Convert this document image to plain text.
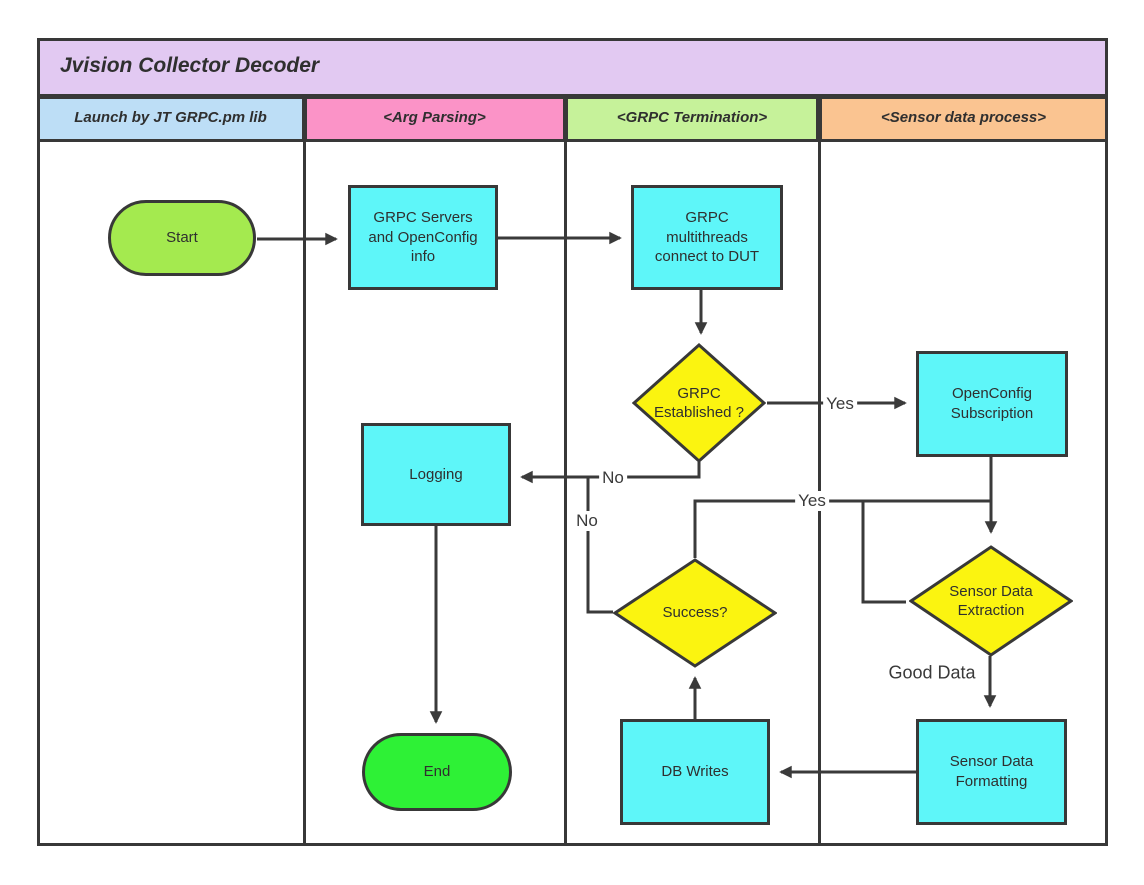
Jvision Collector Decoder
Launch by JT GRPC.pm lib	<Arg Parsing>	<GRPC Termination>	<Sensor data process>
Start
GRPC Servers and OpenConfig info
GRPC multithreads connect to DUT
OpenConfig Subscription
Logging
DB Writes
Sensor Data Formatting
End
GRPC Established ?
Success?
Sensor Data Extraction
Yes
No
Yes
No
Good Data
